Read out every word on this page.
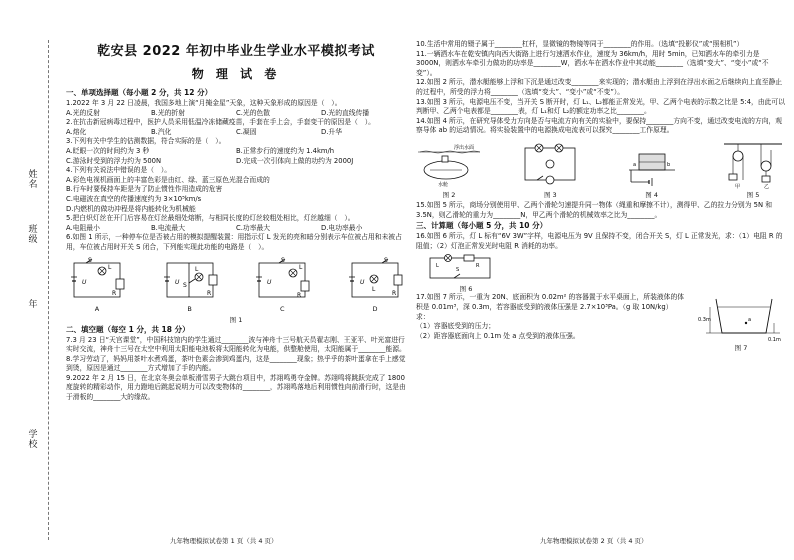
姓名
班级
年
学校
乾安县 2022 年初中毕业生学业水平模拟考试
物 理 试 卷
一、单项选择题（每小题 2 分，共 12 分）

1.2022 年 3 月 22 日凌晨，我国多地上演“月掩金星”天象，这种天象形成的原因是（　）。

A.光的反射	B.光的折射	C.光的色散	D.光的直线传播

2.在抗击新冠病毒过程中，医护人员采用低温冷冻储藏疫苗，手套在手上会，手套变干的原因是（　）。

A.熔化	B.汽化	C.凝固	D.升华

3.下列有关中学生的估测数据，符合实际的是（　）。

A.眨眼一次的时间约为 3 秒	B.正常步行的速度约为 1.4km/h
C.游泳时受到的浮力约为 500N	D.完成一次引体向上做的功约为 2000J

4.下列有关说法中错误的是（　）。

A.彩色电视机画面上的丰富色彩是由红、绿、蓝三原色光混合而成的

B.行车时要保持车距是为了防止惯性作用造成的危害

C.电磁波在真空的传播速度约为 3×10⁵km/s

D.内燃机的做功冲程是将内能转化为机械能

5.把白炽灯丝在开门后容易在灯丝最细处熔断，与相同长度的灯丝较粗处相比，灯丝越细（　）。

A.电阻最小	B.电流最大	C.功率最大	D.电功率最小

6.如图 1 所示，一种停车位是否被占用的模拟提醒装置：用指示灯 L 发光的亮和暗分别表示车位被占用和未被占用，车位被占用时开关 S 闭合，下列能实现此功能的电路是（　）。

U
L
S
R
A
U
L
S
R
B
U
L
S
R
C
U
L
S
R
D
图 1
二、填空题（每空 1 分，共 18 分）

7.3 月 23 日“天宫课堂”，中国科技馆内的学生通过________波与神舟十三号航天员翟志刚、王亚平、叶光富进行实时交流，神舟十三号在太空中利用太阳能电池板将太阳能转化为电能，供整舱使用，太阳能属于________能源。

8.学习劳动了，妈妈用茶叶水煮鸡蛋，茶叶色素会渗到鸡蛋内，这是________现象；热乎乎的茶叶蛋拿在手上感觉到烫，原因是通过________方式增加了手的内能。

9.2022 年 2 月 15 日，在北京冬奥会单板滑雪男子大跳台项目中，苏翊鸣勇夺金牌。苏翊鸣将跳跃完成了 1800 度旋转的精彩动作，用力蹬地后跳起说明力可以改变物体的________，苏翊鸣落地后利用惯性向前滑行时，这是由于滑板的________大的缘故。

九年物理模拟试卷第 1 页（共 4 页）

10.生活中常用的镊子属于________杠杆，显微镜的物镜等同于________的作用。（选填“投影仪”或“照相机”）

11.一辆洒水车在乾安镇内向西大街路上进行匀速洒水作业，速度为 36km/h，用时 5min，已知洒水车的牵引力是 3000N，则洒水车牵引力做功的功率是________W，洒水车在洒水作业中其动能________（选填“变大”、“变小”或“不变”）。

12.如图 2 所示，潜水艇能够上浮和下沉是通过改变________来实现的；潜水艇由上浮到在浮出水面之后继续向上直至静止的过程中，所受的浮力将________（选填“变大”、“变小”或“不变”）。

13.如图 3 所示，电源电压不变，当开关 S 断开时，灯 L₁、L₂都能正常发光，甲、乙两个电表的示数之比是 5:4，由此可以判断甲、乙两个电表都是________表，灯 L₁和灯 L₂的额定功率之比________。

14.如图 4 所示，在研究导体受力方向是否与电流方向有关的实验中，要保持________方向不变，通过改变电流的方向，观察导体 ab 的运动情况。将实验装置中的电源换成电流表可以探究________工作原理。

浮出水面
水舱
图 2	图 3
a	b
图 4
甲	乙
图 5

15.如图 5 所示，商场分别使用甲、乙两个滑轮匀速提升同一物体（绳重和摩擦不计），测得甲、乙的拉力分别为 5N 和 3.5N，则乙滑轮的重力为________N，甲乙两个滑轮的机械效率之比为________。

三、计算题（每小题 5 分，共 10 分）

16.如图 6 所示，灯 L 标有“6V 3W”字样，电源电压为 9V 且保持不变，闭合开关 S，灯 L 正常发光，求：（1）电阻 R 的阻值；（2）灯泡正常发光时电阻 R 消耗的功率。

L	R
S
图 6

17.如图 7 所示，一重为 20N、底面积为 0.02m² 的容器置于水平桌面上，所装液体的体积是 0.01m³，深 0.3m，若容器底受到的液体压强是 2.7×10³Pa。（g 取 10N/kg）求：

（1）容器底受到的压力；

（2）距容器底面向上 0.1m 处 a 点受到的液体压强。

0.3m	a
0.1m
图 7
九年物理模拟试卷第 2 页（共 4 页）
